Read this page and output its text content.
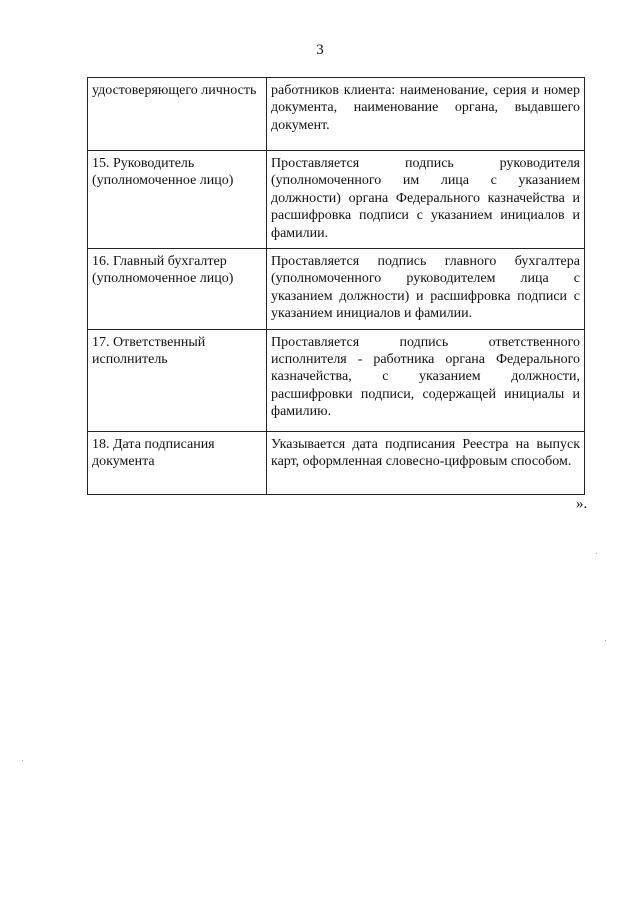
3
удостоверяющего личность	работников клиента: наименование, серия и номер документа, наименование органа, выдавшего документ.
15. Руководитель (уполномоченное лицо)	Проставляется подпись руководителя (уполномоченного им лица с указанием должности) органа Федерального казначейства и расшифровка подписи с указанием инициалов и фамилии.
16. Главный бухгалтер (уполномоченное лицо)	Проставляется подпись главного бухгалтера (уполномоченного руководителем лица с указанием должности) и расшифровка подписи с указанием инициалов и фамилии.
17. Ответственный исполнитель	Проставляется подпись ответственного исполнителя - работника органа Федерального казначейства, с указанием должности, расшифровки подписи, содержащей инициалы и фамилию.
18. Дата подписания документа	Указывается дата подписания Реестра на выпуск карт, оформленная словесно-цифровым способом.
».
